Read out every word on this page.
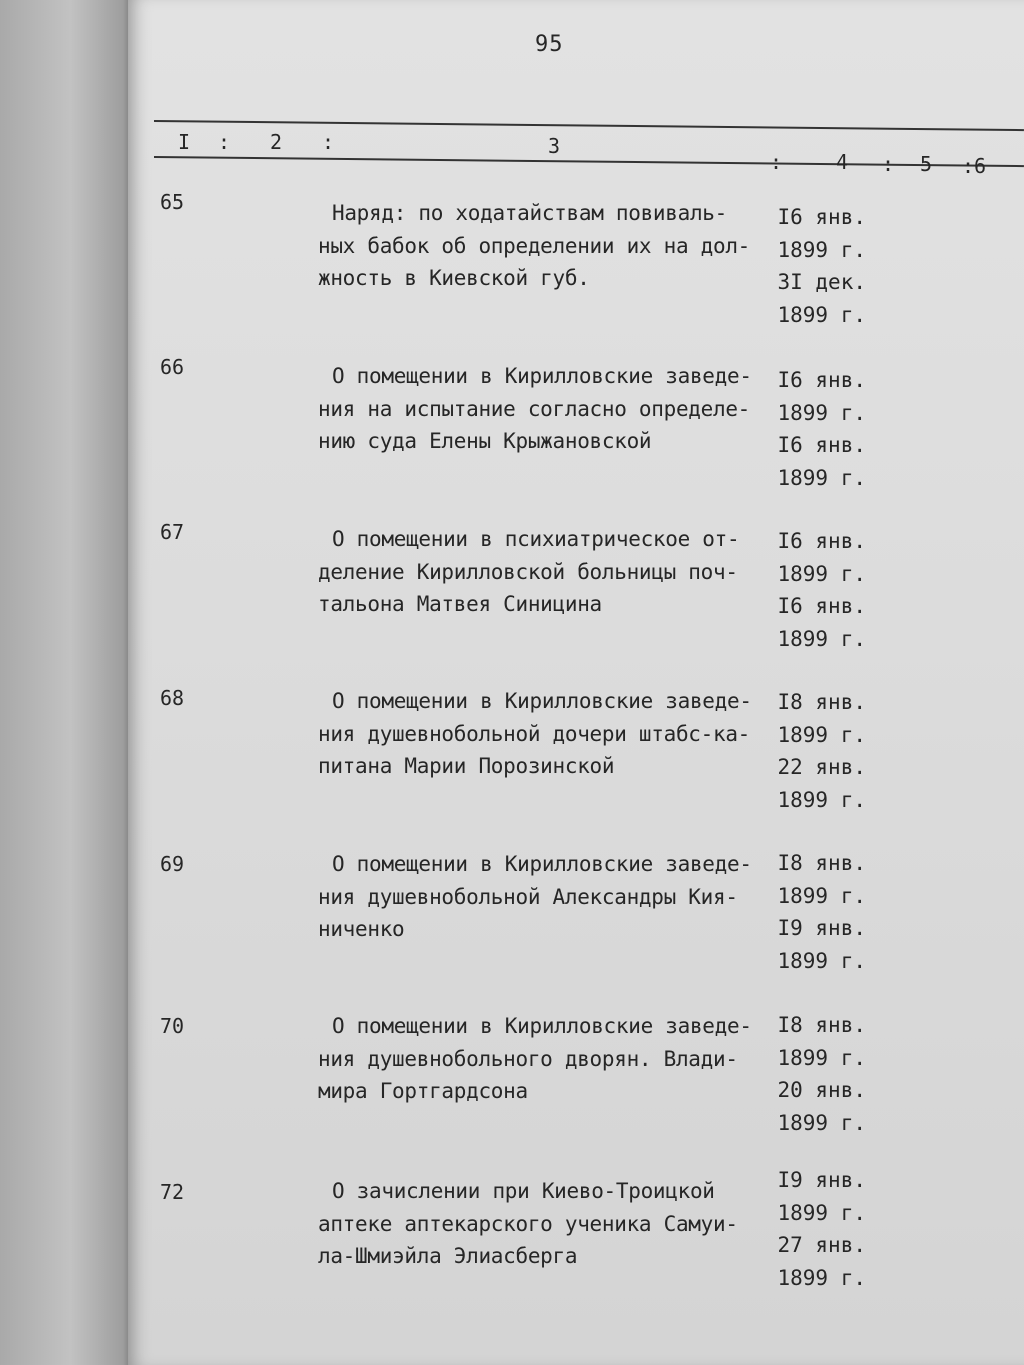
95
I : 2 :	3
:	4 : 5 :6
65	Наряд: по ходатайствам повиваль-
ных бабок об определении их на дол-
жность в Киевской губ.
I6 янв.
1899 г.
3I дек.
1899 г.
66	О помещении в Кирилловские заведе-
ния на испытание согласно определе-
нию суда Елены Крыжановской
I6 янв.
1899 г.
I6 янв.
1899 г.
67	О помещении в психиатрическое от-
деление Кирилловской больницы поч-
тальона Матвея Синицина
I6 янв.
1899 г.
I6 янв.
1899 г.
68	О помещении в Кирилловские заведе-
ния душевнобольной дочери штабс-ка-
питана Марии Порозинской
I8 янв.
1899 г.
22 янв.
1899 г.
69	О помещении в Кирилловские заведе-
ния душевнобольной Александры Кия-
ниченко
I8 янв.
1899 г.
I9 янв.
1899 г.
70	О помещении в Кирилловские заведе-
ния душевнобольного дворян. Влади-
мира Гортгардсона
I8 янв.
1899 г.
20 янв.
1899 г.
72	О зачислении при Киево-Троицкой
аптеке аптекарского ученика Самуи-
ла-Шмиэйла Элиасберга
I9 янв.
1899 г.
27 янв.
1899 г.
